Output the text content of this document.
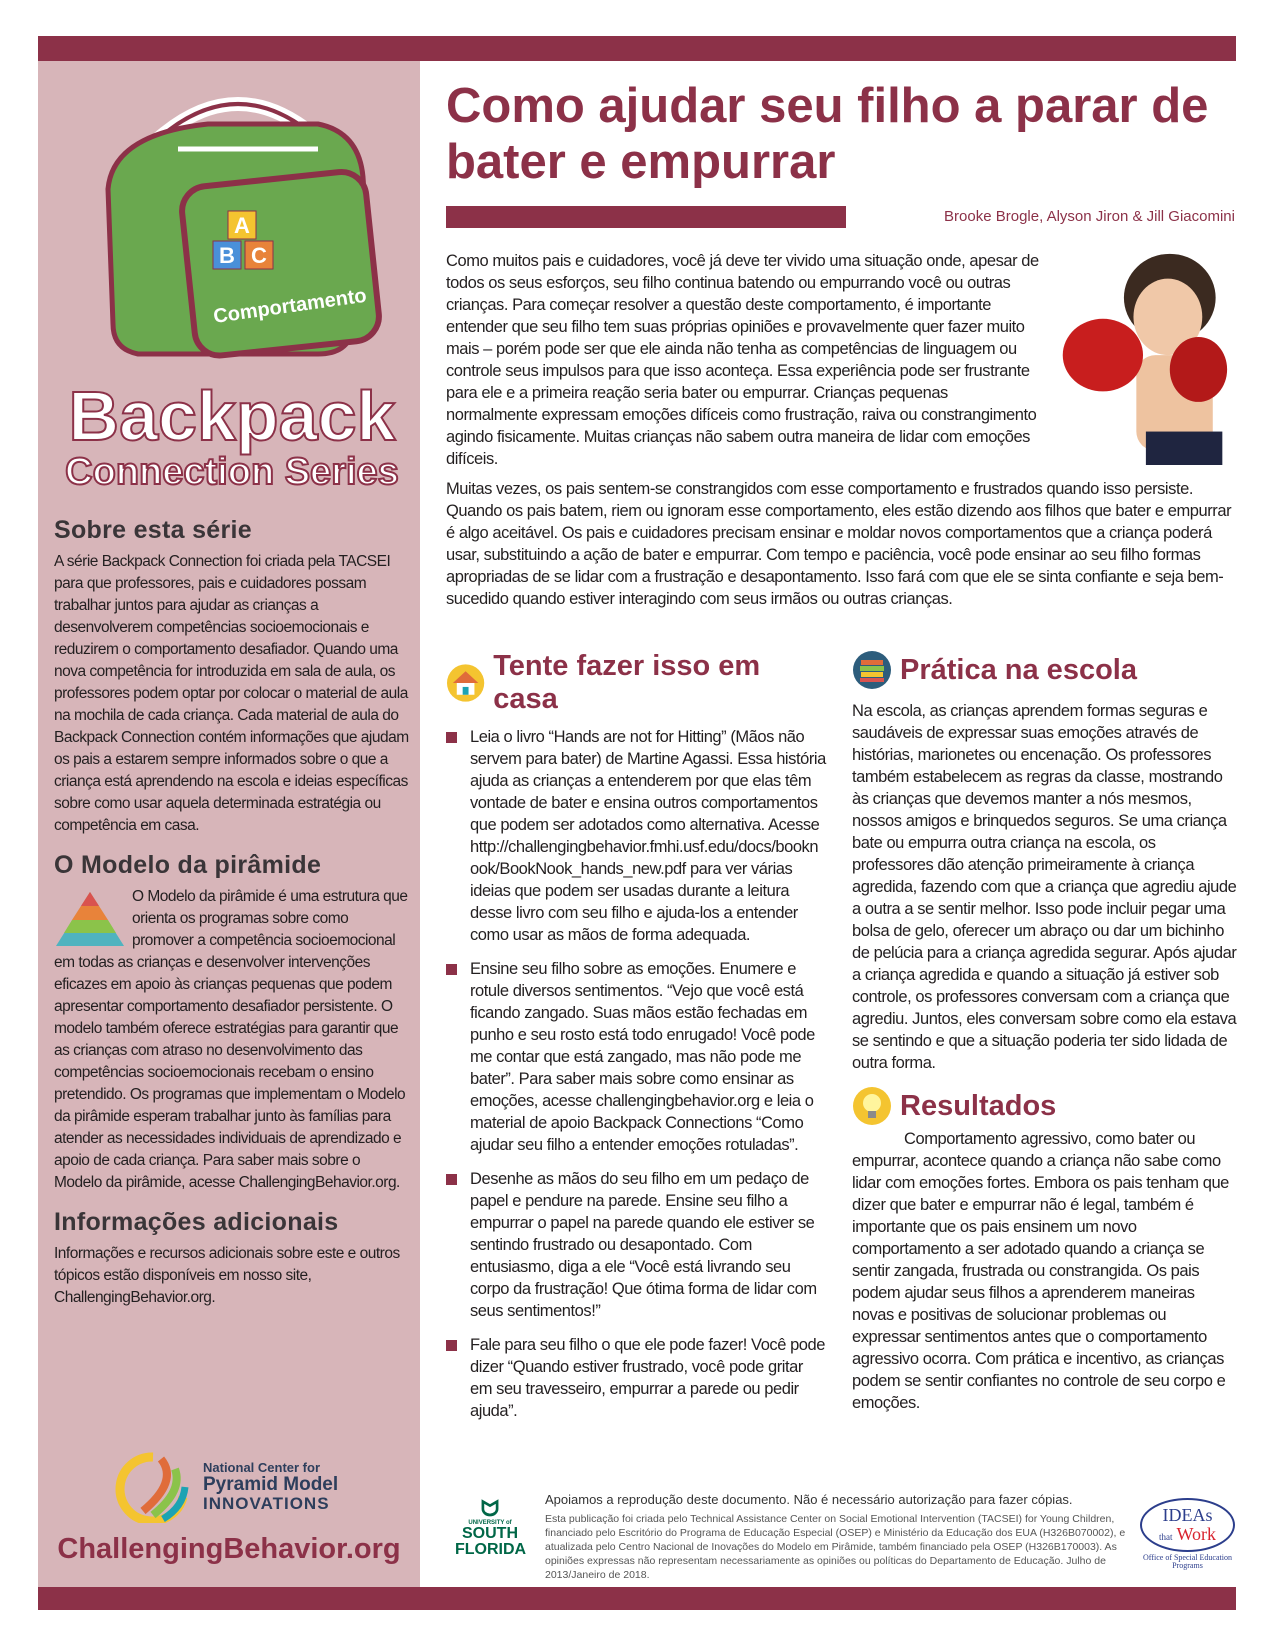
A
B C
Comportamento
Backpack
Connection Series
Sobre esta série

A série Backpack Connection foi criada pela TACSEI para que professores, pais e cuidadores possam trabalhar juntos para ajudar as crianças a desenvolverem competências socioemocionais e reduzirem o comportamento desafiador. Quando uma nova competência for introduzida em sala de aula, os professores podem optar por colocar o material de aula na mochila de cada criança. Cada material de aula do Backpack Connection contém informações que ajudam os pais a estarem sempre informados sobre o que a criança está aprendendo na escola e ideias específicas sobre como usar aquela determinada estratégia ou competência em casa.

O Modelo da pirâmide

O Modelo da pirâmide é uma estrutura que orienta os programas sobre como promover a competência socioemocional em todas as crianças e desenvolver intervenções eficazes em apoio às crianças pequenas que podem apresentar comportamento desafiador persistente. O modelo também oferece estratégias para garantir que as crianças com atraso no desenvolvimento das competências socioemocionais recebam o ensino pretendido. Os programas que implementam o Modelo da pirâmide esperam trabalhar junto às famílias para atender as necessidades individuais de aprendizado e apoio de cada criança. Para saber mais sobre o Modelo da pirâmide, acesse ChallengingBehavior.org.

Informações adicionais

Informações e recursos adicionais sobre este e outros tópicos estão disponíveis em nosso site, ChallengingBehavior.org.

National Center for
Pyramid Model
INNOVATIONS
ChallengingBehavior.org
Como ajudar seu filho a parar de bater e empurrar
Brooke Brogle, Alyson Jiron & Jill Giacomini

Como muitos pais e cuidadores, você já deve ter vivido uma situação onde, apesar de todos os seus esforços, seu filho continua batendo ou empurrando você ou outras crianças. Para começar resolver a questão deste comportamento, é importante entender que seu filho tem suas próprias opiniões e provavelmente quer fazer muito mais – porém pode ser que ele ainda não tenha as competências de linguagem ou controle seus impulsos para que isso aconteça. Essa experiência pode ser frustrante para ele e a primeira reação seria bater ou empurrar. Crianças pequenas normalmente expressam emoções difíceis como frustração, raiva ou constrangimento agindo fisicamente. Muitas crianças não sabem outra maneira de lidar com emoções difíceis.

Muitas vezes, os pais sentem-se constrangidos com esse comportamento e frustrados quando isso persiste. Quando os pais batem, riem ou ignoram esse comportamento, eles estão dizendo aos filhos que bater e empurrar é algo aceitável. Os pais e cuidadores precisam ensinar e moldar novos comportamentos que a criança poderá usar, substituindo a ação de bater e empurrar. Com tempo e paciência, você pode ensinar ao seu filho formas apropriadas de se lidar com a frustração e desapontamento. Isso fará com que ele se sinta confiante e seja bem-sucedido quando estiver interagindo com seus irmãos ou outras crianças.

Tente fazer isso em casa

Leia o livro “Hands are not for Hitting” (Mãos não servem para bater) de Martine Agassi. Essa história ajuda as crianças a entenderem por que elas têm vontade de bater e ensina outros comportamentos que podem ser adotados como alternativa. Acesse http://challengingbehavior.fmhi.usf.edu/docs/booknook/BookNook_hands_new.pdf para ver várias ideias que podem ser usadas durante a leitura desse livro com seu filho e ajuda-los a entender como usar as mãos de forma adequada.

Ensine seu filho sobre as emoções. Enumere e rotule diversos sentimentos. “Vejo que você está ficando zangado. Suas mãos estão fechadas em punho e seu rosto está todo enrugado! Você pode me contar que está zangado, mas não pode me bater”. Para saber mais sobre como ensinar as emoções, acesse challengingbehavior.org e leia o material de apoio Backpack Connections “Como ajudar seu filho a entender emoções rotuladas”.

Desenhe as mãos do seu filho em um pedaço de papel e pendure na parede. Ensine seu filho a empurrar o papel na parede quando ele estiver se sentindo frustrado ou desapontado. Com entusiasmo, diga a ele “Você está livrando seu corpo da frustração! Que ótima forma de lidar com seus sentimentos!”

Fale para seu filho o que ele pode fazer! Você pode dizer “Quando estiver frustrado, você pode gritar em seu travesseiro, empurrar a parede ou pedir ajuda”.

Prática na escola

Na escola, as crianças aprendem formas seguras e saudáveis de expressar suas emoções através de histórias, marionetes ou encenação. Os professores também estabelecem as regras da classe, mostrando às crianças que devemos manter a nós mesmos, nossos amigos e brinquedos seguros. Se uma criança bate ou empurra outra criança na escola, os professores dão atenção primeiramente à criança agredida, fazendo com que a criança que agrediu ajude a outra a se sentir melhor. Isso pode incluir pegar uma bolsa de gelo, oferecer um abraço ou dar um bichinho de pelúcia para a criança agredida segurar. Após ajudar a criança agredida e quando a situação já estiver sob controle, os professores conversam com a criança que agrediu. Juntos, eles conversam sobre como ela estava se sentindo e que a situação poderia ter sido lidada de outra forma.

Resultados

Comportamento agressivo, como bater ou empurrar, acontece quando a criança não sabe como lidar com emoções fortes. Embora os pais tenham que dizer que bater e empurrar não é legal, também é importante que os pais ensinem um novo comportamento a ser adotado quando a criança se sentir zangada, frustrada ou constrangida. Os pais podem ajudar seus filhos a aprenderem maneiras novas e positivas de solucionar problemas ou expressar sentimentos antes que o comportamento agressivo ocorra. Com prática e incentivo, as crianças podem se sentir confiantes no controle de seu corpo e emoções.

ᗢ
UNIVERSITY of
SOUTH
FLORIDA

Apoiamos a reprodução deste documento. Não é necessário autorização para fazer cópias.

Esta publicação foi criada pelo Technical Assistance Center on Social Emotional Intervention (TACSEI) for Young Children, financiado pelo Escritório do Programa de Educação Especial (OSEP) e Ministério da Educação dos EUA (H326B070002), e atualizada pelo Centro Nacional de Inovações do Modelo em Pirâmide, também financiado pela OSEP (H326B170003). As opiniões expressas não representam necessariamente as opiniões ou políticas do Departamento de Educação. Julho de 2013/Janeiro de 2018.

IDEAs
that Work
Office of Special Education Programs
